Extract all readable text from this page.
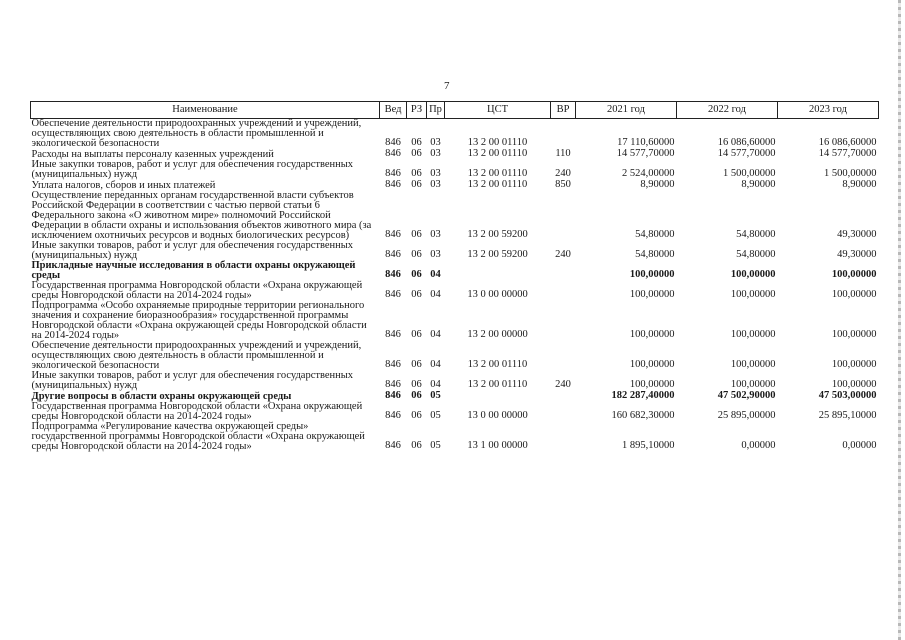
7
Наименование	Вед	РЗ	Пр	ЦСТ	ВР	2021 год	2022 год	2023 год
Обеспечение деятельности природоохранных учреждений и учреждений, осуществляющих свою деятельность в области промышленной и экологической безопасности	846	06	03	13 2 00 01110		17 110,60000	16 086,60000	16 086,60000
Расходы на выплаты персоналу казенных учреждений	846	06	03	13 2 00 01110	110	14 577,70000	14 577,70000	14 577,70000
Иные закупки товаров, работ и услуг для обеспечения государственных (муниципальных) нужд	846	06	03	13 2 00 01110	240	2 524,00000	1 500,00000	1 500,00000
Уплата налогов, сборов и иных платежей	846	06	03	13 2 00 01110	850	8,90000	8,90000	8,90000
Осуществление переданных органам государственной власти субъектов Российской Федерации в соответствии с частью первой статьи 6 Федерального закона «О животном мире» полномочий Российской Федерации в области охраны и использования объектов животного мира (за исключением охотничьих ресурсов и водных биологических ресурсов)	846	06	03	13 2 00 59200		54,80000	54,80000	49,30000
Иные закупки товаров, работ и услуг для обеспечения государственных (муниципальных) нужд	846	06	03	13 2 00 59200	240	54,80000	54,80000	49,30000
Прикладные научные исследования в области охраны окружающей среды	846	06	04			100,00000	100,00000	100,00000
Государственная программа Новгородской области «Охрана окружающей среды Новгородской области на 2014-2024 годы»	846	06	04	13 0 00 00000		100,00000	100,00000	100,00000
Подпрограмма «Особо охраняемые природные территории регионального значения и сохранение биоразнообразия» государственной программы Новгородской области «Охрана окружающей среды Новгородской области на 2014-2024 годы»	846	06	04	13 2 00 00000		100,00000	100,00000	100,00000
Обеспечение деятельности природоохранных учреждений и учреждений, осуществляющих свою деятельность в области промышленной и экологической безопасности	846	06	04	13 2 00 01110		100,00000	100,00000	100,00000
Иные закупки товаров, работ и услуг для обеспечения государственных (муниципальных) нужд	846	06	04	13 2 00 01110	240	100,00000	100,00000	100,00000
Другие вопросы в области охраны окружающей среды	846	06	05			182 287,40000	47 502,90000	47 503,00000
Государственная программа Новгородской области «Охрана окружающей среды Новгородской области на 2014-2024 годы»	846	06	05	13 0 00 00000		160 682,30000	25 895,00000	25 895,10000
Подпрограмма «Регулирование качества окружающей среды» государственной программы Новгородской области «Охрана окружающей среды Новгородской области на 2014-2024 годы»	846	06	05	13 1 00 00000		1 895,10000	0,00000	0,00000
